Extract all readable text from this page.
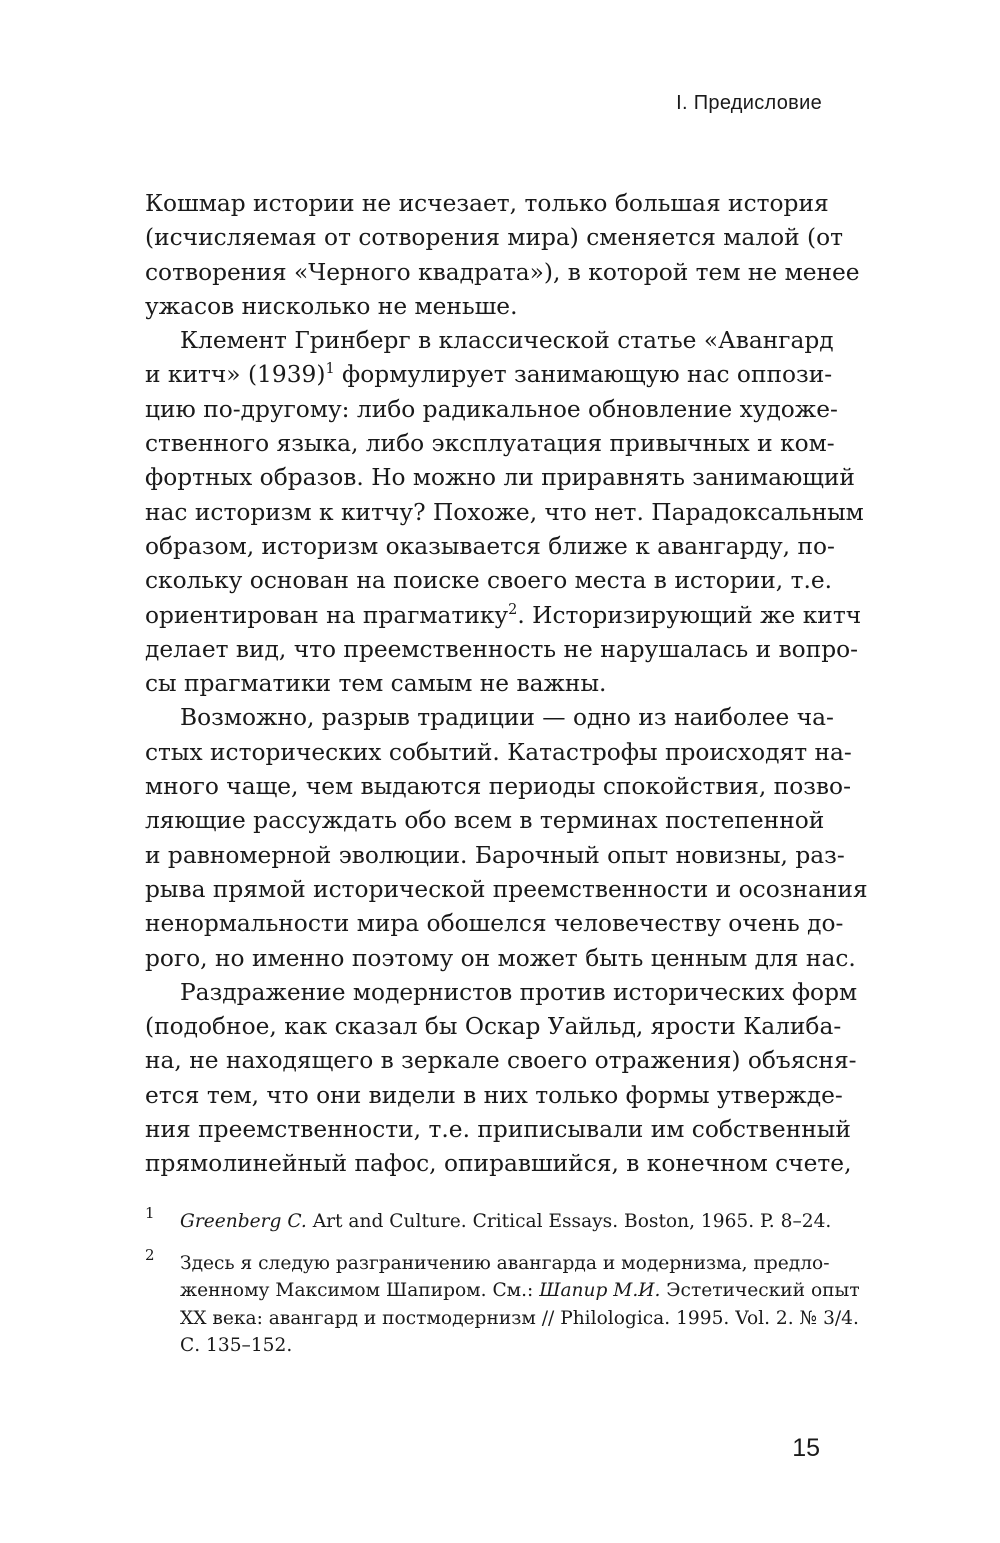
I. Предисловие
Кошмар истории не исчезает, только большая история
(исчисляемая от сотворения мира) сменяется малой (от
сотворения «Черного квадрата»), в которой тем не менее
ужасов нисколько не меньше.
Клемент Гринберг в классической статье «Авангард
и китч» $(1939)^1$ формулирует занимающую нас оппози-
цию по-другому: либо радикальное обновление художе-
ственного языка, либо эксплуатация привычных и ком-
фортных образов. Но можно ли приравнять занимающий
нас историзм к китчу? Похоже, что нет. Парадоксальным
образом, историзм оказывается ближе к авангарду, по-
скольку основан на поиске своего места в истории, т.е.
ориентирован на прагматику$^2$. Историзирующий же китч
делает вид, что преемственность не нарушалась и вопро-
сы прагматики тем самым не важны.
Возможно, разрыв традиции — одно из наиболее ча-
стых исторических событий. Катастрофы происходят на-
много чаще, чем выдаются периоды спокойствия, позво-
ляющие рассуждать обо всем в терминах постепенной
и равномерной эволюции. Барочный опыт новизны, раз-
рыва прямой исторической преемственности и осознания
ненормальности мира обошелся человечеству очень до-
рого, но именно поэтому он может быть ценным для нас.
Раздражение модернистов против исторических форм
(подобное, как сказал бы Оскар Уайльд, ярости Калиба-
на, не находящего в зеркале своего отражения) объясня-
ется тем, что они видели в них только формы утвержде-
ния преемственности, т.е. приписывали им собственный
прямолинейный пафос, опиравшийся, в конечном счете,
1 Greenberg C. Art and Culture. Critical Essays. Boston, 1965. P. 8–24.
2 Здесь я следую разграничению авангарда и модернизма, предло-
женному Максимом Шапиром. См.: Шапир М.И. Эстетический опыт
XX века: авангард и постмодернизм // Philologica. 1995. Vol. 2. № 3/4.
С. 135–152.
15
